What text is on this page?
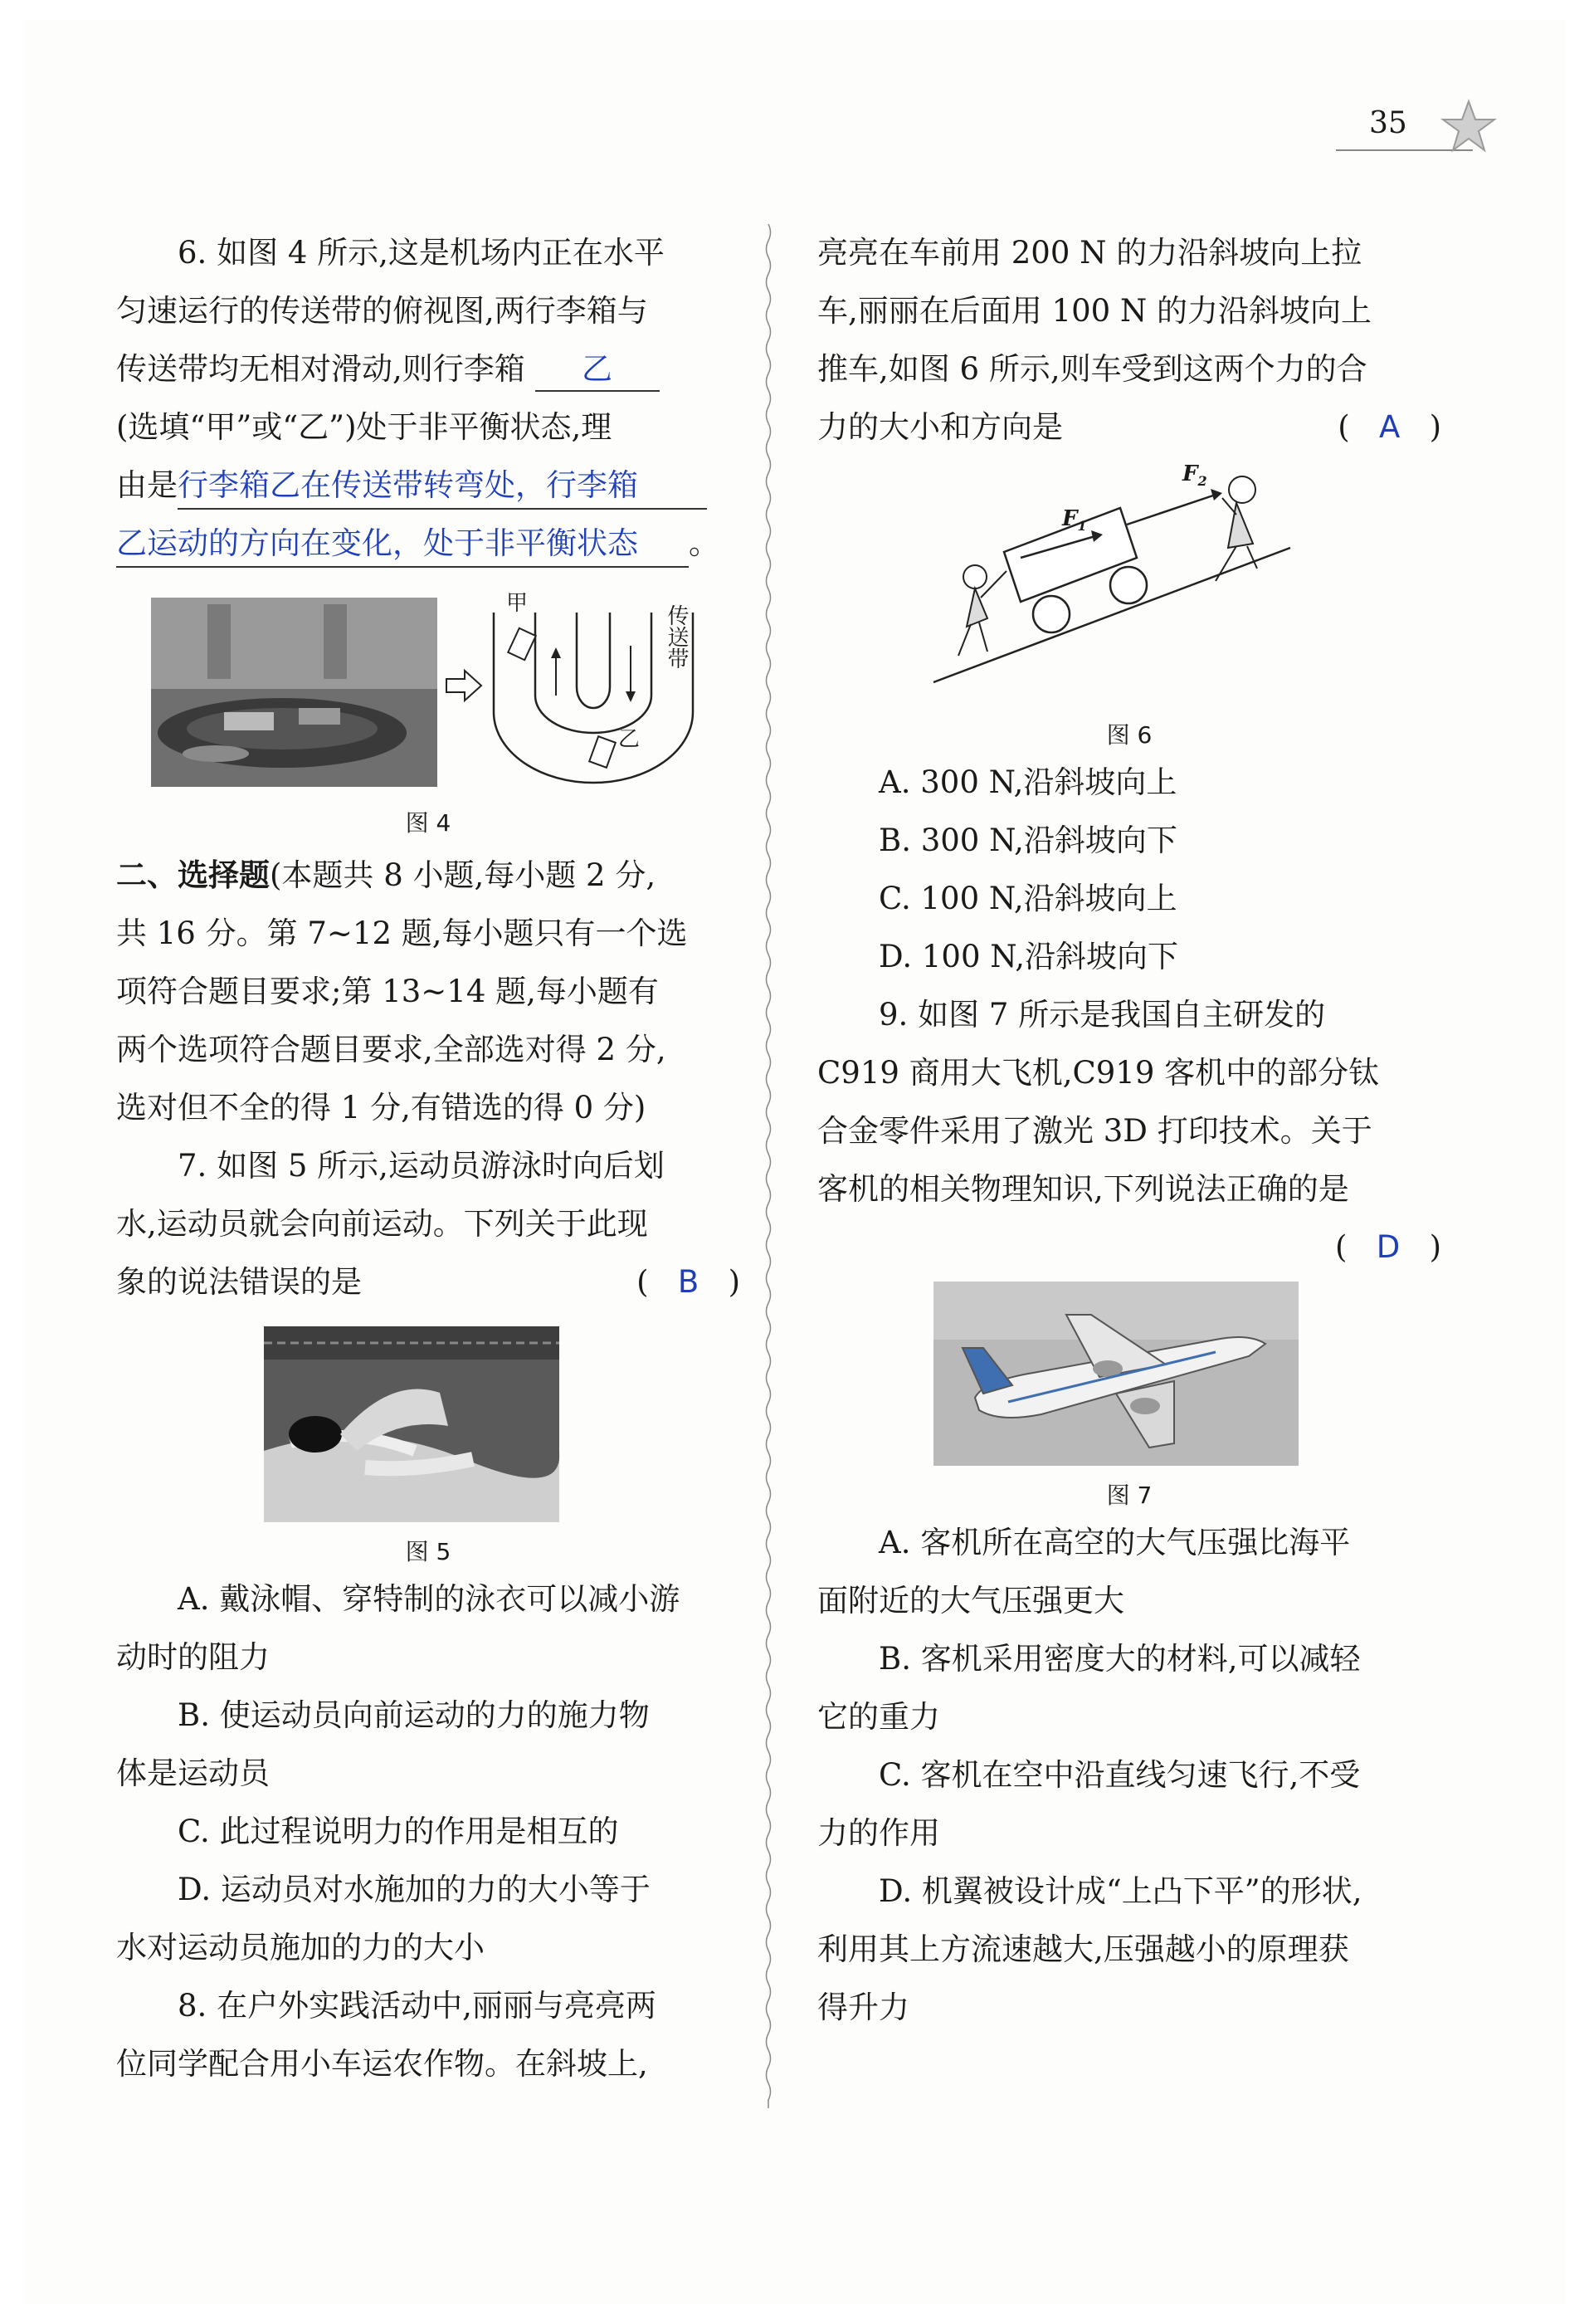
35

6. 如图 4 所示,这是机场内正在水平

匀速运行的传送带的俯视图,两行李箱与

传送带均无相对滑动,则行李箱 乙

(选填“甲”或“乙”)处于非平衡状态,理

由是行李箱乙在传送带转弯处，行李箱

乙运动的方向在变化，处于非平衡状态 。

甲
乙
传送带

图 4

二、选择题(本题共 8 小题,每小题 2 分,

共 16 分。第 7~12 题,每小题只有一个选

项符合题目要求;第 13~14 题,每小题有

两个选项符合题目要求,全部选对得 2 分,

选对但不全的得 1 分,有错选的得 0 分)

7. 如图 5 所示,运动员游泳时向后划

水,运动员就会向前运动。下列关于此现

象的说法错误的是	( B )

图 5

A. 戴泳帽、穿特制的泳衣可以减小游

动时的阻力

B. 使运动员向前运动的力的施力物

体是运动员

C. 此过程说明力的作用是相互的

D. 运动员对水施加的力的大小等于

水对运动员施加的力的大小

8. 在户外实践活动中,丽丽与亮亮两

位同学配合用小车运农作物。在斜坡上,

亮亮在车前用 200 N 的力沿斜坡向上拉

车,丽丽在后面用 100 N 的力沿斜坡向上

推车,如图 6 所示,则车受到这两个力的合

力的大小和方向是	( A )

$F_1$
$F_2$

图 6

A. 300 N,沿斜坡向上

B. 300 N,沿斜坡向下

C. 100 N,沿斜坡向上

D. 100 N,沿斜坡向下

9. 如图 7 所示是我国自主研发的

C919 商用大飞机,C919 客机中的部分钛

合金零件采用了激光 3D 打印技术。关于

客机的相关物理知识,下列说法正确的是

( D )

图 7

A. 客机所在高空的大气压强比海平

面附近的大气压强更大

B. 客机采用密度大的材料,可以减轻

它的重力

C. 客机在空中沿直线匀速飞行,不受

力的作用

D. 机翼被设计成“上凸下平”的形状,

利用其上方流速越大,压强越小的原理获

得升力
